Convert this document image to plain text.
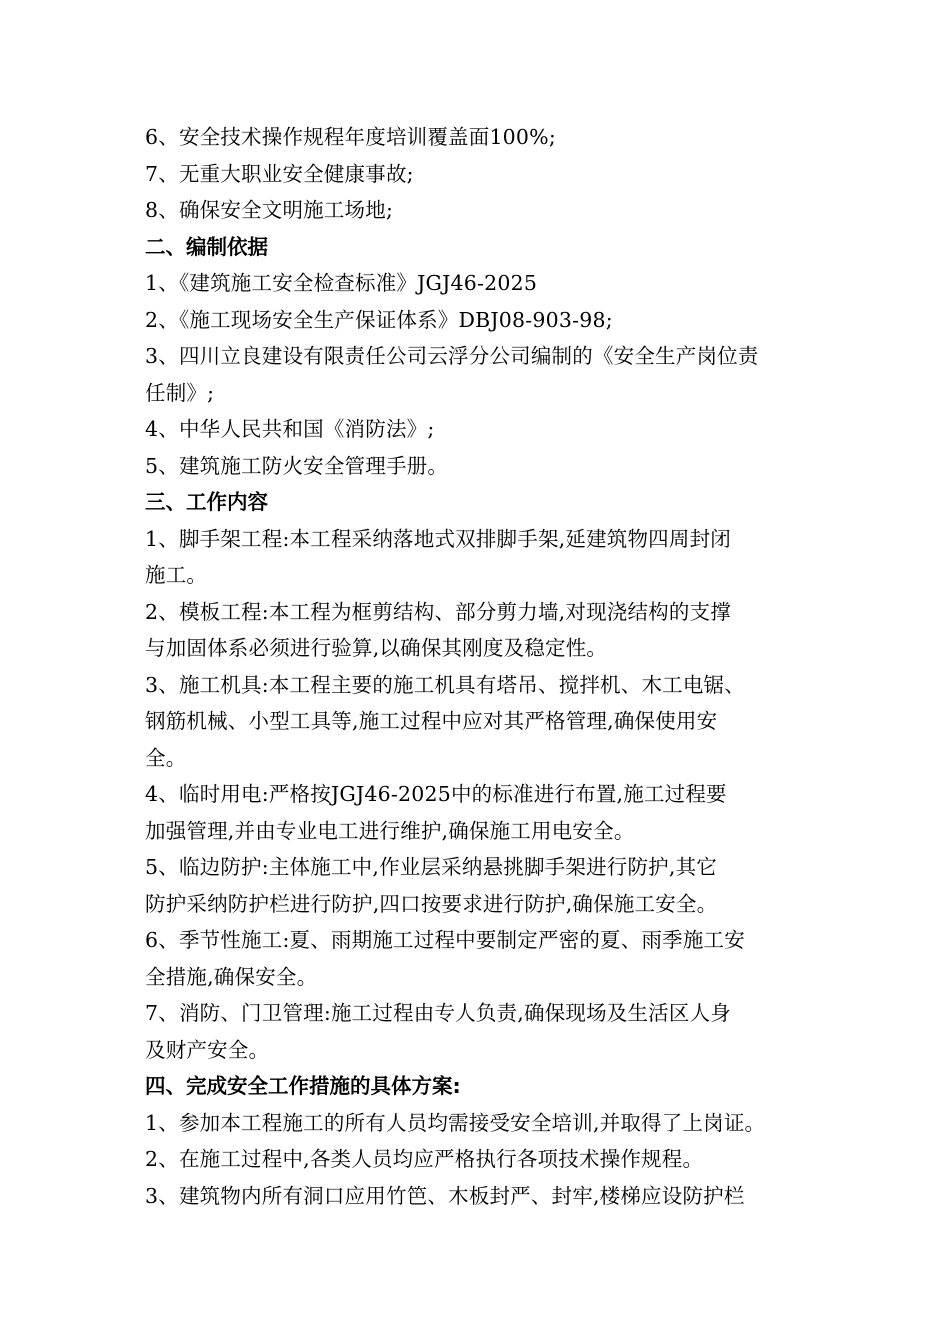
6、安全技术操作规程年度培训覆盖面100%;
7、无重大职业安全健康事故;
8、确保安全文明施工场地;
二、编制依据
1、《建筑施工安全检查标准》JGJ46-2025
2、《施工现场安全生产保证体系》DBJ08-903-98;
3、四川立良建设有限责任公司云浮分公司编制的《安全生产岗位责
任制》;
4、中华人民共和国《消防法》;
5、建筑施工防火安全管理手册。
三、工作内容
1、脚手架工程:本工程采纳落地式双排脚手架,延建筑物四周封闭
施工。
2、模板工程:本工程为框剪结构、部分剪力墙,对现浇结构的支撑
与加固体系必须进行验算,以确保其刚度及稳定性。
3、施工机具:本工程主要的施工机具有塔吊、搅拌机、木工电锯、
钢筋机械、小型工具等,施工过程中应对其严格管理,确保使用安
全。
4、临时用电:严格按JGJ46-2025中的标准进行布置,施工过程要
加强管理,并由专业电工进行维护,确保施工用电安全。
5、临边防护:主体施工中,作业层采纳悬挑脚手架进行防护,其它
防护采纳防护栏进行防护,四口按要求进行防护,确保施工安全。
6、季节性施工:夏、雨期施工过程中要制定严密的夏、雨季施工安
全措施,确保安全。
7、消防、门卫管理:施工过程由专人负责,确保现场及生活区人身
及财产安全。
四、完成安全工作措施的具体方案:
1、参加本工程施工的所有人员均需接受安全培训,并取得了上岗证。
2、在施工过程中,各类人员均应严格执行各项技术操作规程。
3、建筑物内所有洞口应用竹笆、木板封严、封牢,楼梯应设防护栏
